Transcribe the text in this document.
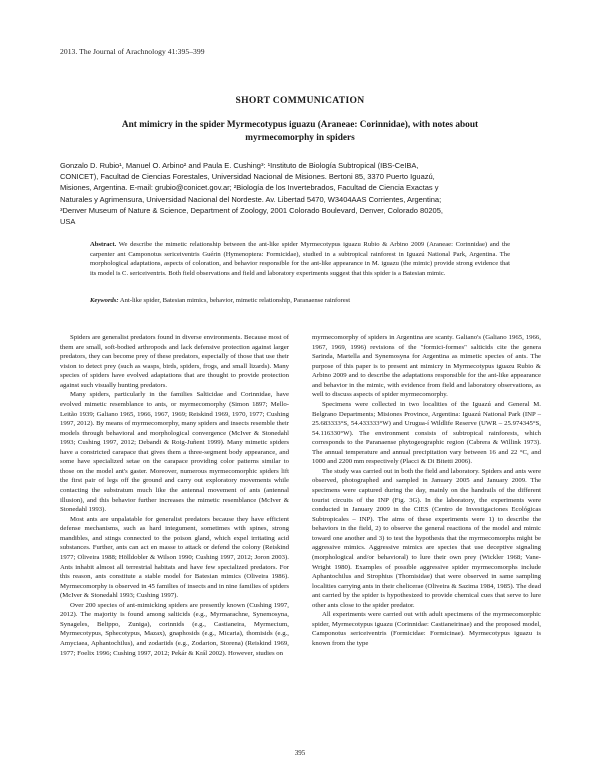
2013. The Journal of Arachnology 41:395–399
SHORT COMMUNICATION
Ant mimicry in the spider Myrmecotypus iguazu (Araneae: Corinnidae), with notes about
myrmecomorphy in spiders
Gonzalo D. Rubio¹, Manuel O. Arbino² and Paula E. Cushing³: ¹Instituto de Biología Subtropical (IBS-CeIBA,
CONICET), Facultad de Ciencias Forestales, Universidad Nacional de Misiones. Bertoni 85, 3370 Puerto Iguazú,
Misiones, Argentina. E-mail: grubio@conicet.gov.ar; ²Biología de los Invertebrados, Facultad de Ciencia Exactas y
Naturales y Agrimensura, Universidad Nacional del Nordeste. Av. Libertad 5470, W3404AAS Corrientes, Argentina;
³Denver Museum of Nature & Science, Department of Zoology, 2001 Colorado Boulevard, Denver, Colorado 80205,
USA
Abstract. We describe the mimetic relationship between the ant-like spider Myrmecotypus iguazu Rubio & Arbino 2009 (Araneae: Corinnidae) and the carpenter ant Camponotus sericeiventris Guérin (Hymenoptera: Formicidae), studied in a subtropical rainforest in Iguazú National Park, Argentina. The morphological adaptations, aspects of coloration, and behavior responsible for the ant-like appearance in M. iguazu (the mimic) provide strong evidence that its model is C. sericeiventris. Both field observations and field and laboratory experiments suggest that this spider is a Batesian mimic.
Keywords: Ant-like spider, Batesian mimics, behavior, mimetic relationship, Paranaense rainforest

Spiders are generalist predators found in diverse environments. Because most of them are small, soft-bodied arthropods and lack defensive protection against larger predators, they can become prey of these predators, especially of those that use their vision to detect prey (such as wasps, birds, spiders, frogs, and small lizards). Many species of spiders have evolved adaptations that are thought to provide protection against such visually hunting predators.

Many spiders, particularly in the families Salticidae and Corinnidae, have evolved mimetic resemblance to ants, or myrmecomorphy (Simon 1897; Mello-Leitão 1939; Galiano 1965, 1966, 1967, 1969; Reiskind 1969, 1970, 1977; Cushing 1997, 2012). By means of myrmecomorphy, many spiders and insects resemble their models through behavioral and morphological convergence (McIver & Stonedahl 1993; Cushing 1997, 2012; Debandi & Roig-Juñent 1999). Many mimetic spiders have a constricted carapace that gives them a three-segment body appearance, and some have specialized setae on the carapace providing color patterns similar to those on the model ant's gaster. Moreover, numerous myrmecomorphic spiders lift the first pair of legs off the ground and carry out exploratory movements while contacting the substratum much like the antennal movement of ants (antennal illusion), and this behavior further increases the mimetic resemblance (McIver & Stonedahl 1993).

Most ants are unpalatable for generalist predators because they have efficient defense mechanisms, such as hard integument, sometimes with spines, strong mandibles, and stings connected to the poison gland, which expel irritating acid substances. Further, ants can act en masse to attack or defend the colony (Reiskind 1977; Oliveira 1988; Hölldobler & Wilson 1990; Cushing 1997, 2012; Joron 2003). Ants inhabit almost all terrestrial habitats and have few specialized predators. For this reason, ants constitute a stable model for Batesian mimics (Oliveira 1986). Myrmecomorphy is observed in 45 families of insects and in nine families of spiders (McIver & Stonedahl 1993; Cushing 1997).

Over 200 species of ant-mimicking spiders are presently known (Cushing 1997, 2012). The majority is found among salticids (e.g., Myrmarachne, Synemosyna, Synageles, Belippo, Zuniga), corinnids (e.g., Castianeira, Myrmecium, Myrmecotypus, Sphecotypus, Mazax), gnaphosids (e.g., Micaria), thomisids (e.g., Amyciaea, Aphantochilus), and zodariids (e.g., Zodarion, Storena) (Reiskind 1969, 1977; Foelix 1996; Cushing 1997, 2012; Pekár & Král 2002). However, studies on

myrmecomorphy of spiders in Argentina are scanty. Galiano's (Galiano 1965, 1966, 1967, 1969, 1996) revisions of the "formici-formes" salticids cite the genera Sarinda, Martella and Synemosyna for Argentina as mimetic species of ants. The purpose of this paper is to present ant mimicry in Myrmecotypus iguazu Rubio & Arbino 2009 and to describe the adaptations responsible for the ant-like appearance and behavior in the mimic, with evidence from field and laboratory observations, as well to discuss aspects of spider myrmecomorphy.

Specimens were collected in two localities of the Iguazú and General M. Belgrano Departments; Misiones Province, Argentina: Iguazú National Park (INP – 25.683333°S, 54.433333°W) and Urugua-í Wildlife Reserve (UWR – 25.974345°S, 54.116330°W). The environment consists of subtropical rainforests, which corresponds to the Paranaense phytogeographic region (Cabrera & Willink 1973). The annual temperature and annual precipitation vary between 16 and 22 °C, and 1000 and 2200 mm respectively (Placci & Di Bitetti 2006).

The study was carried out in both the field and laboratory. Spiders and ants were observed, photographed and sampled in January 2005 and January 2009. The specimens were captured during the day, mainly on the handrails of the different tourist circuits of the INP (Fig. 3G). In the laboratory, the experiments were conducted in January 2009 in the CIES (Centro de Investigaciones Ecológicas Subtropicales – INP). The aims of these experiments were 1) to describe the behaviors in the field, 2) to observe the general reactions of the model and mimic toward one another and 3) to test the hypothesis that the myrmecomorphs might be aggressive mimics. Aggressive mimics are species that use deceptive signaling (morphological and/or behavioral) to lure their own prey (Wickler 1968; Vane-Wright 1980). Examples of possible aggressive spider myrmecomorphs include Aphantochilus and Strophius (Thomisidae) that were observed in same sampling localities carrying ants in their chelicerae (Oliveira & Sazima 1984, 1985). The dead ant carried by the spider is hypothesized to provide chemical cues that serve to lure other ants close to the spider predator.

All experiments were carried out with adult specimens of the myrmecomorphic spider, Myrmecotypus iguazu (Corinnidae: Castianeirinae) and the proposed model, Camponotus sericeiventris (Formicidae: Formicinae). Myrmecotypus iguazu is known from the type

395
